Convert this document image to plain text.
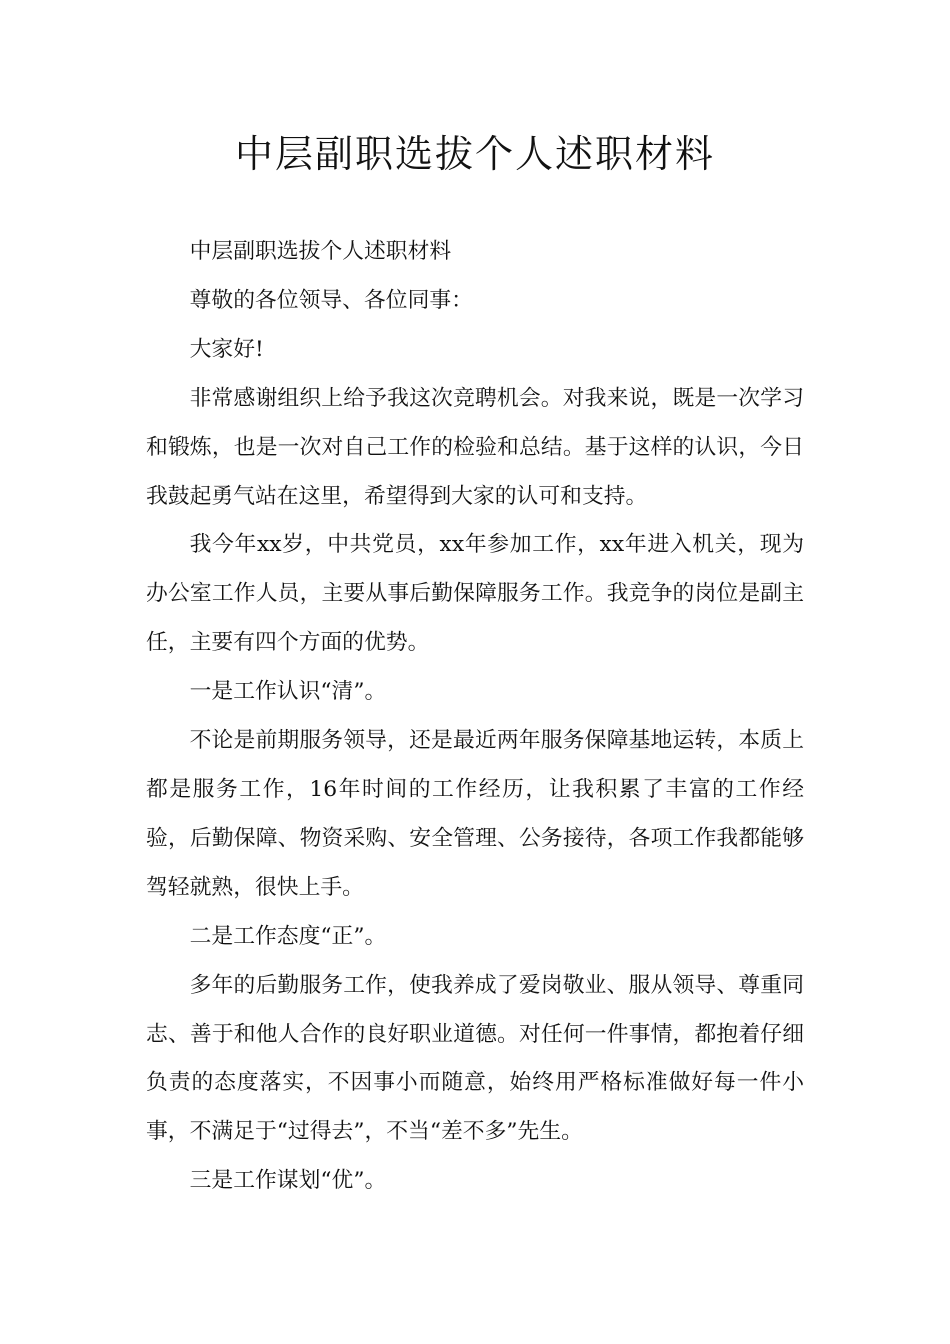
中层副职选拔个人述职材料

中层副职选拔个人述职材料

尊敬的各位领导、各位同事：

大家好!

非常感谢组织上给予我这次竞聘机会。对我来说，既是一次学习和锻炼，也是一次对自己工作的检验和总结。基于这样的认识，今日我鼓起勇气站在这里，希望得到大家的认可和支持。

我今年xx岁，中共党员，xx年参加工作，xx年进入机关，现为办公室工作人员，主要从事后勤保障服务工作。我竞争的岗位是副主任，主要有四个方面的优势。

一是工作认识“清”。

不论是前期服务领导，还是最近两年服务保障基地运转，本质上都是服务工作，16年时间的工作经历，让我积累了丰富的工作经验，后勤保障、物资采购、安全管理、公务接待，各项工作我都能够驾轻就熟，很快上手。

二是工作态度“正”。

多年的后勤服务工作，使我养成了爱岗敬业、服从领导、尊重同志、善于和他人合作的良好职业道德。对任何一件事情，都抱着仔细负责的态度落实，不因事小而随意，始终用严格标准做好每一件小事，不满足于“过得去”，不当“差不多”先生。

三是工作谋划“优”。
